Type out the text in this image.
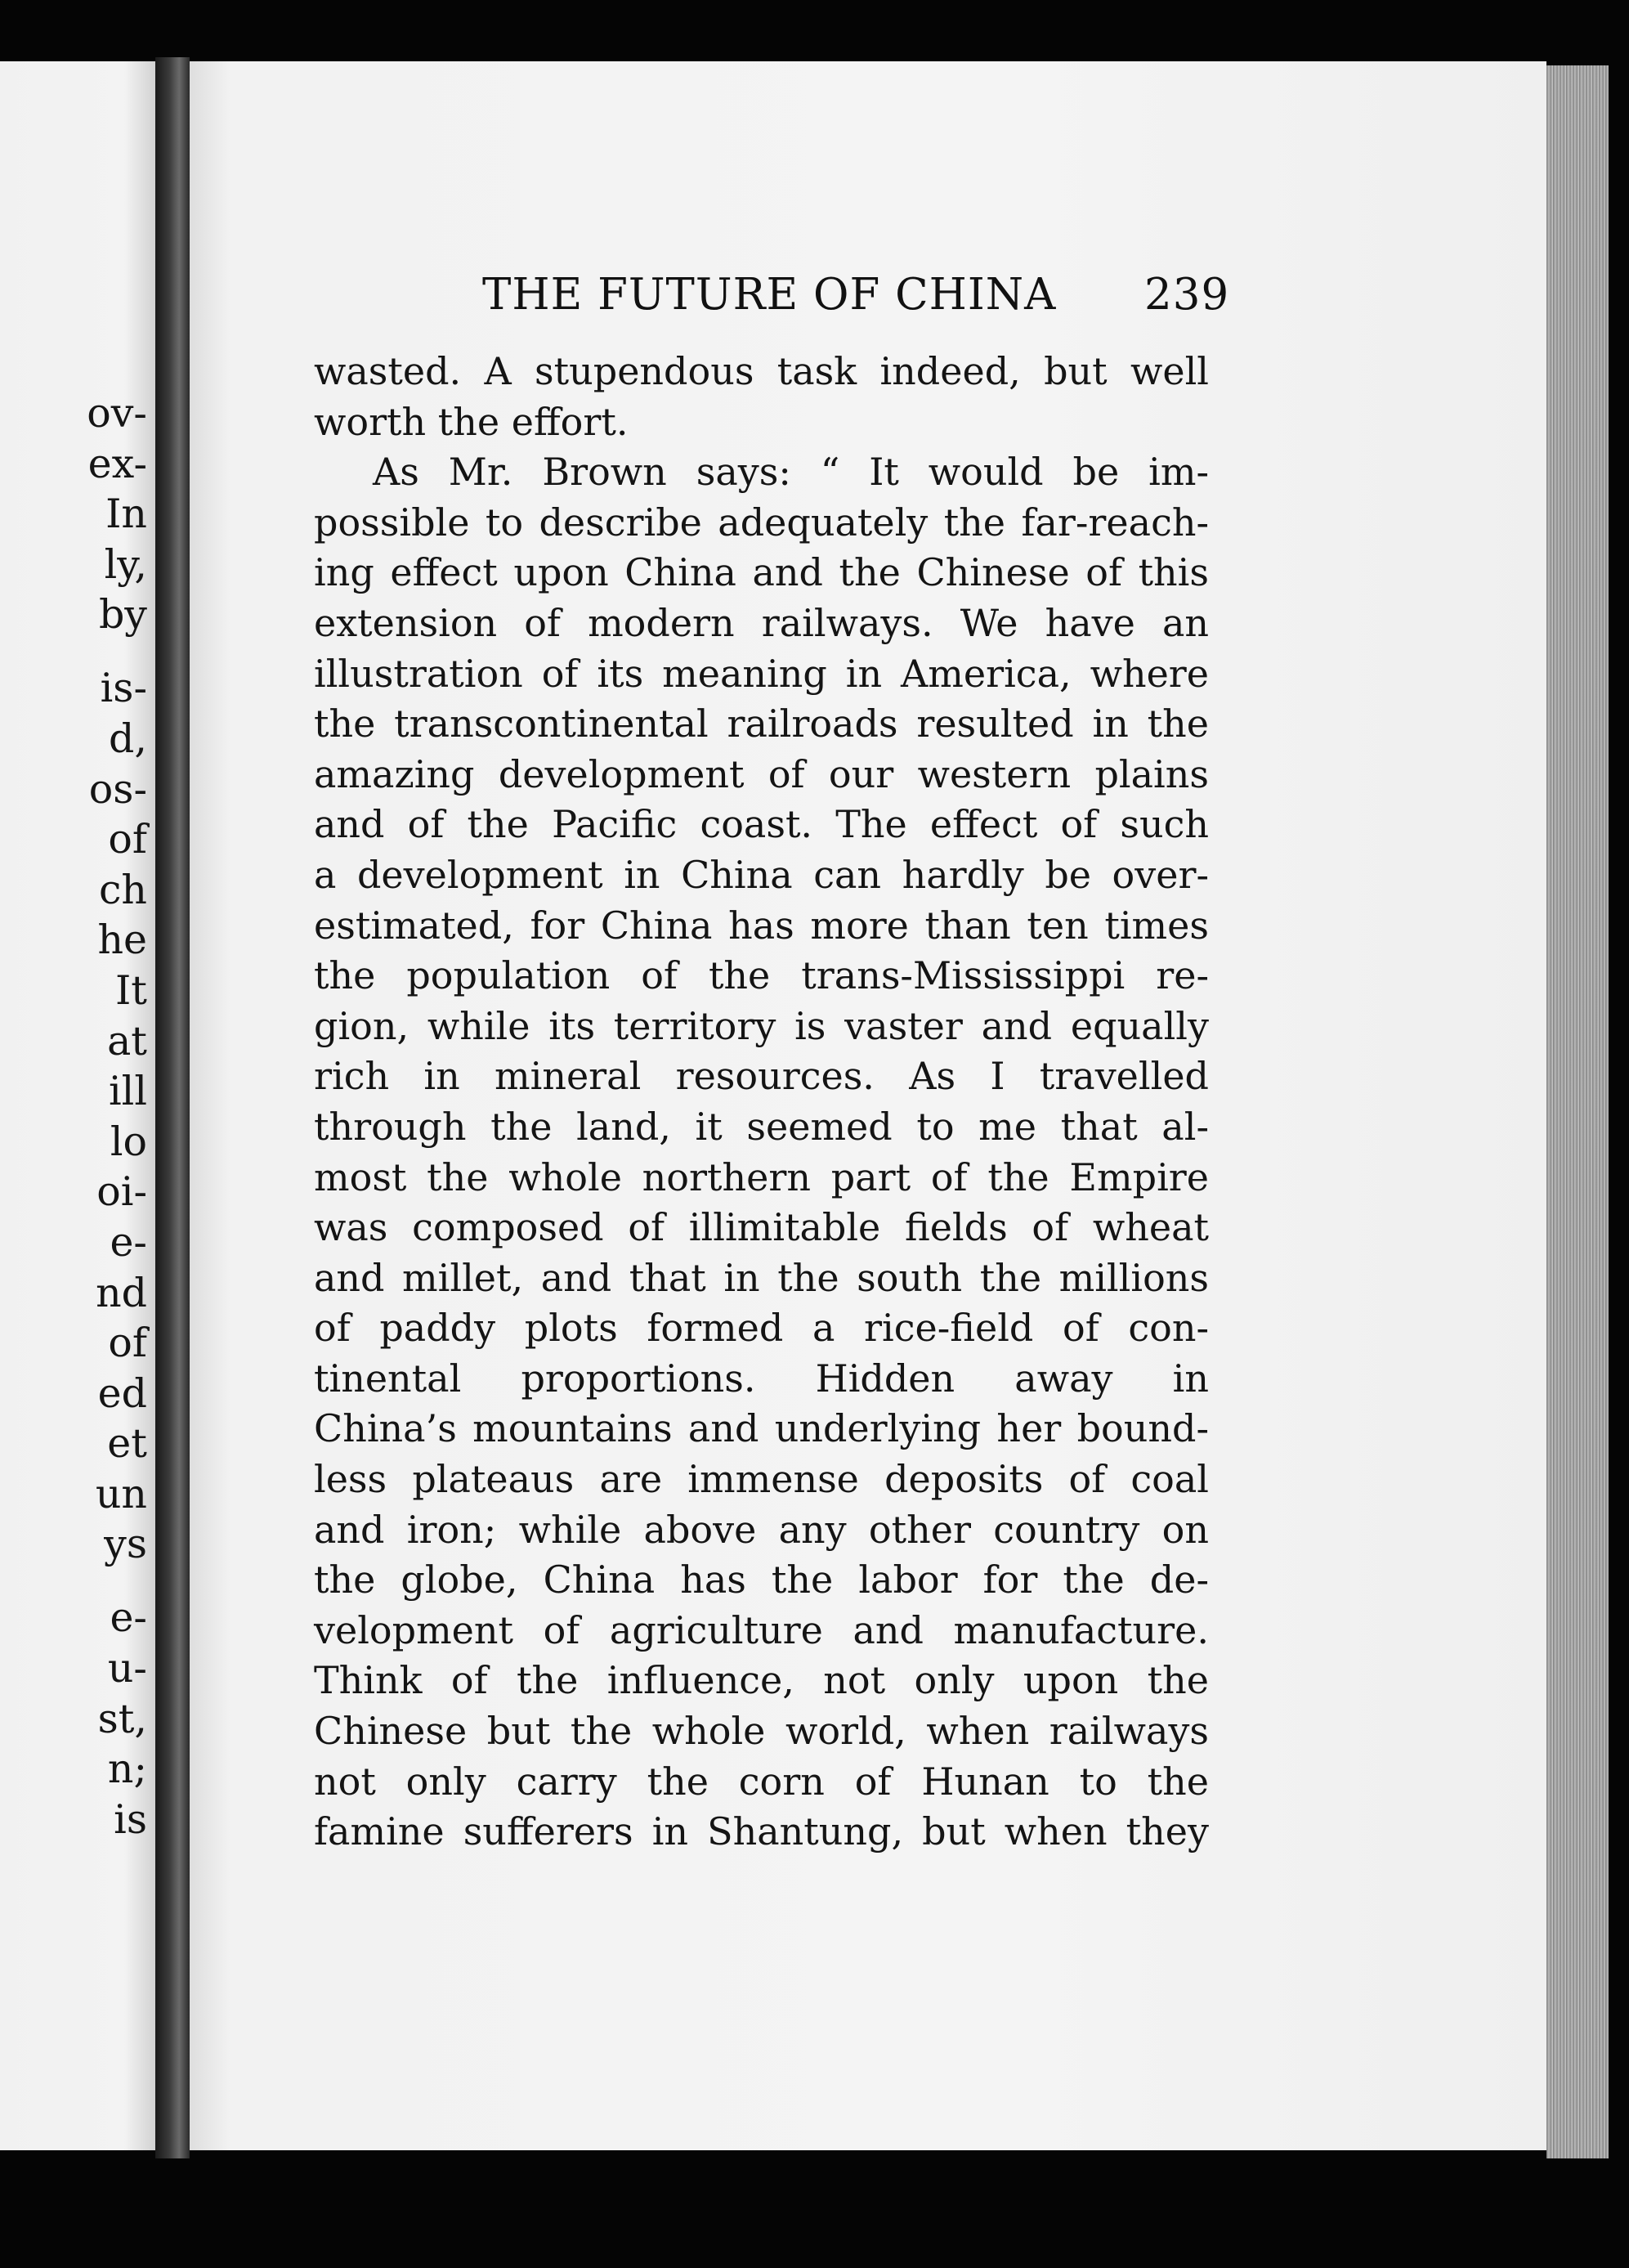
ov-
ex-
In
ly,
by
is-
d,
os-
of
ch
he
It
at
ill
lo
oi-
e-
nd
of
ed
et
un
ys
e-
u-
st,
n;
is
THE FUTURE OF CHINA 239
wasted. A stupendous task indeed, but well
worth the effort.
As Mr. Brown says: “ It would be im-
possible to describe adequately the far-reach-
ing effect upon China and the Chinese of this
extension of modern railways. We have an
illustration of its meaning in America, where
the transcontinental railroads resulted in the
amazing development of our western plains
and of the Pacific coast. The effect of such
a development in China can hardly be over-
estimated, for China has more than ten times
the population of the trans-Mississippi re-
gion, while its territory is vaster and equally
rich in mineral resources. As I travelled
through the land, it seemed to me that al-
most the whole northern part of the Empire
was composed of illimitable fields of wheat
and millet, and that in the south the millions
of paddy plots formed a rice-field of con-
tinental proportions. Hidden away in
China’s mountains and underlying her bound-
less plateaus are immense deposits of coal
and iron; while above any other country on
the globe, China has the labor for the de-
velopment of agriculture and manufacture.
Think of the influence, not only upon the
Chinese but the whole world, when railways
not only carry the corn of Hunan to the
famine sufferers in Shantung, but when they
